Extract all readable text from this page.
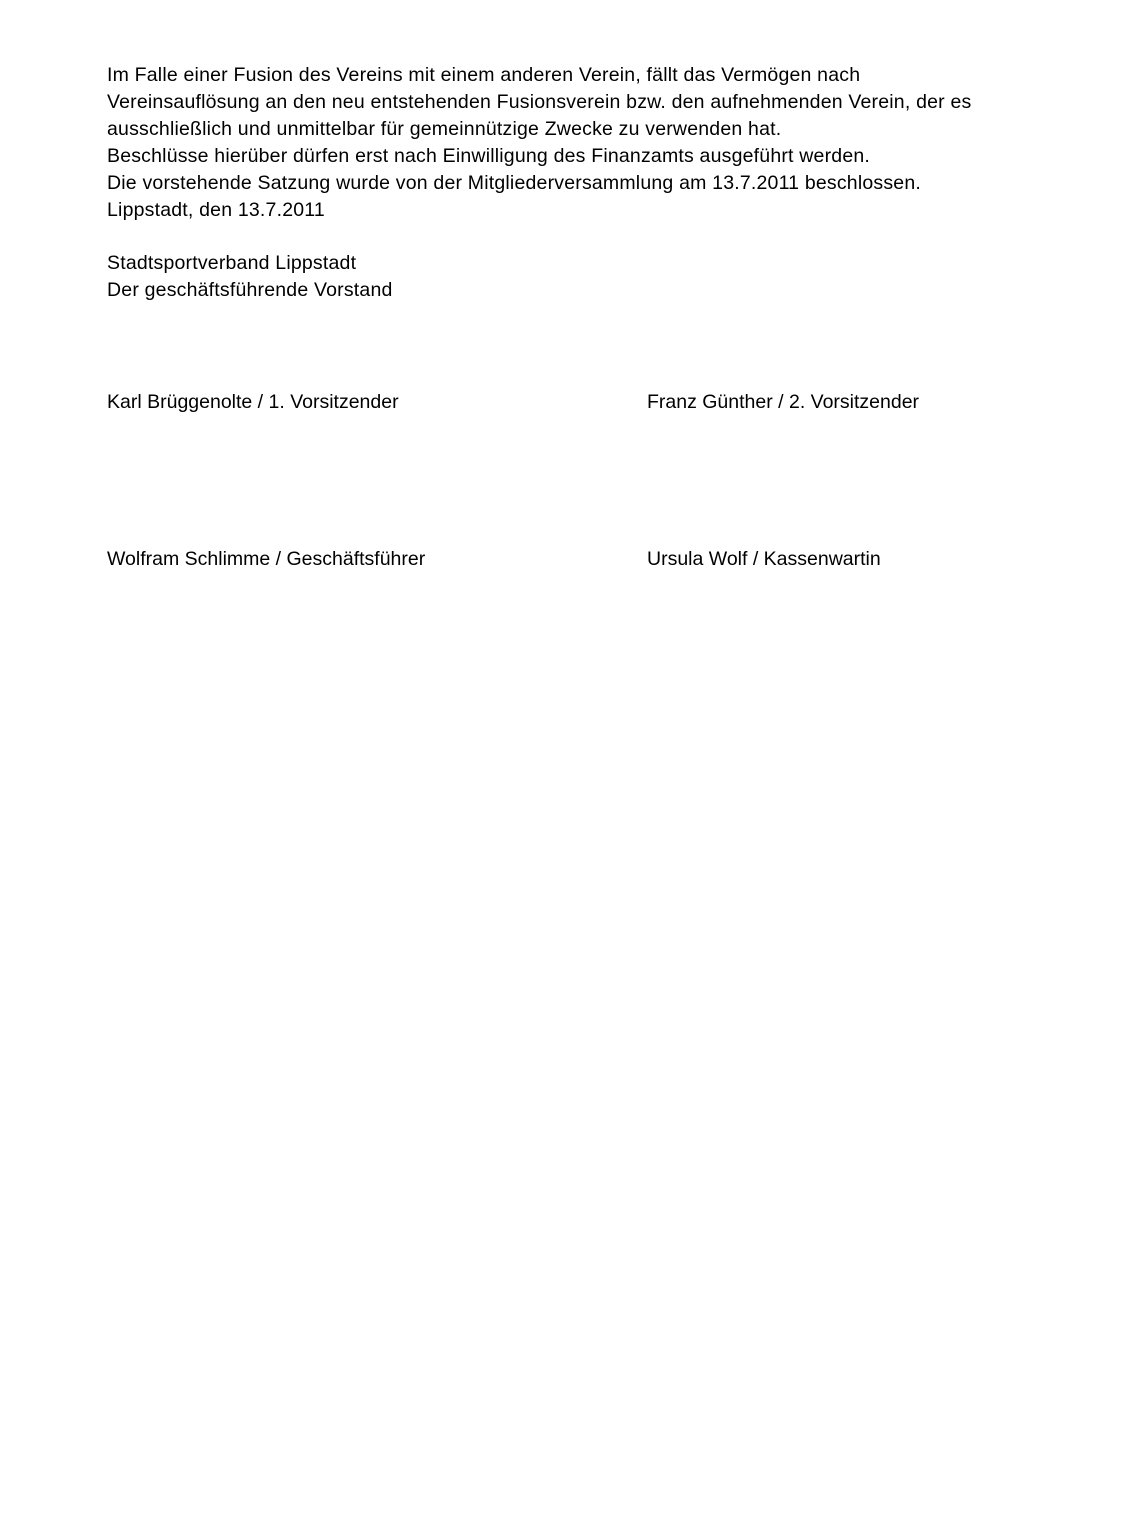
Im Falle einer Fusion des Vereins mit einem anderen Verein, fällt das Vermögen nach Vereinsauflösung an den neu entstehenden Fusionsverein bzw. den aufnehmenden Verein, der es ausschließlich und unmittelbar für gemeinnützige Zwecke zu verwenden hat.

Beschlüsse hierüber dürfen erst nach Einwilligung des Finanzamts ausgeführt werden.

Die vorstehende Satzung wurde von der Mitgliederversammlung am 13.7.2011 beschlossen.

Lippstadt, den 13.7.2011

Stadtsportverband Lippstadt

Der geschäftsführende Vorstand

Karl Brüggenolte / 1. Vorsitzender	Franz Günther / 2. Vorsitzender
Wolfram Schlimme / Geschäftsführer	Ursula Wolf / Kassenwartin
